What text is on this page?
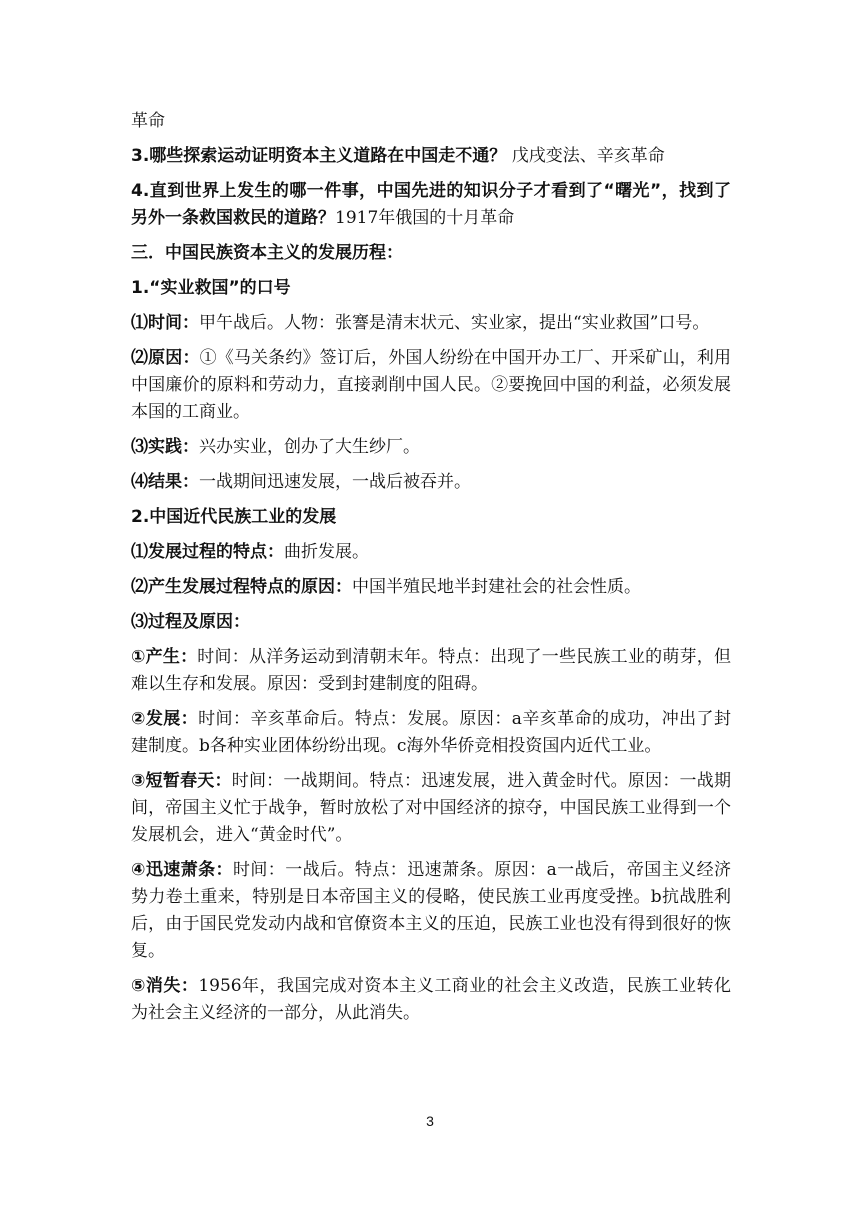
革命

3.哪些探索运动证明资本主义道路在中国走不通？ 戊戌变法、辛亥革命

4.直到世界上发生的哪一件事，中国先进的知识分子才看到了“曙光”，找到了另外一条救国救民的道路？1917年俄国的十月革命

三．中国民族资本主义的发展历程：

1.“实业救国”的口号

⑴时间：甲午战后。人物：张謇是清末状元、实业家，提出“实业救国”口号。

⑵原因：①《马关条约》签订后，外国人纷纷在中国开办工厂、开采矿山，利用中国廉价的原料和劳动力，直接剥削中国人民。②要挽回中国的利益，必须发展本国的工商业。

⑶实践：兴办实业，创办了大生纱厂。

⑷结果：一战期间迅速发展，一战后被吞并。

2.中国近代民族工业的发展

⑴发展过程的特点：曲折发展。

⑵产生发展过程特点的原因：中国半殖民地半封建社会的社会性质。

⑶过程及原因：

①产生：时间：从洋务运动到清朝末年。特点：出现了一些民族工业的萌芽，但难以生存和发展。原因：受到封建制度的阻碍。

②发展：时间：辛亥革命后。特点：发展。原因：a辛亥革命的成功，冲出了封建制度。b各种实业团体纷纷出现。c海外华侨竞相投资国内近代工业。

③短暂春天：时间：一战期间。特点：迅速发展，进入黄金时代。原因：一战期间，帝国主义忙于战争，暂时放松了对中国经济的掠夺，中国民族工业得到一个发展机会，进入“黄金时代”。

④迅速萧条：时间：一战后。特点：迅速萧条。原因：a一战后，帝国主义经济势力卷土重来，特别是日本帝国主义的侵略，使民族工业再度受挫。b抗战胜利后，由于国民党发动内战和官僚资本主义的压迫，民族工业也没有得到很好的恢复。

⑤消失：1956年，我国完成对资本主义工商业的社会主义改造，民族工业转化为社会主义经济的一部分，从此消失。

3
